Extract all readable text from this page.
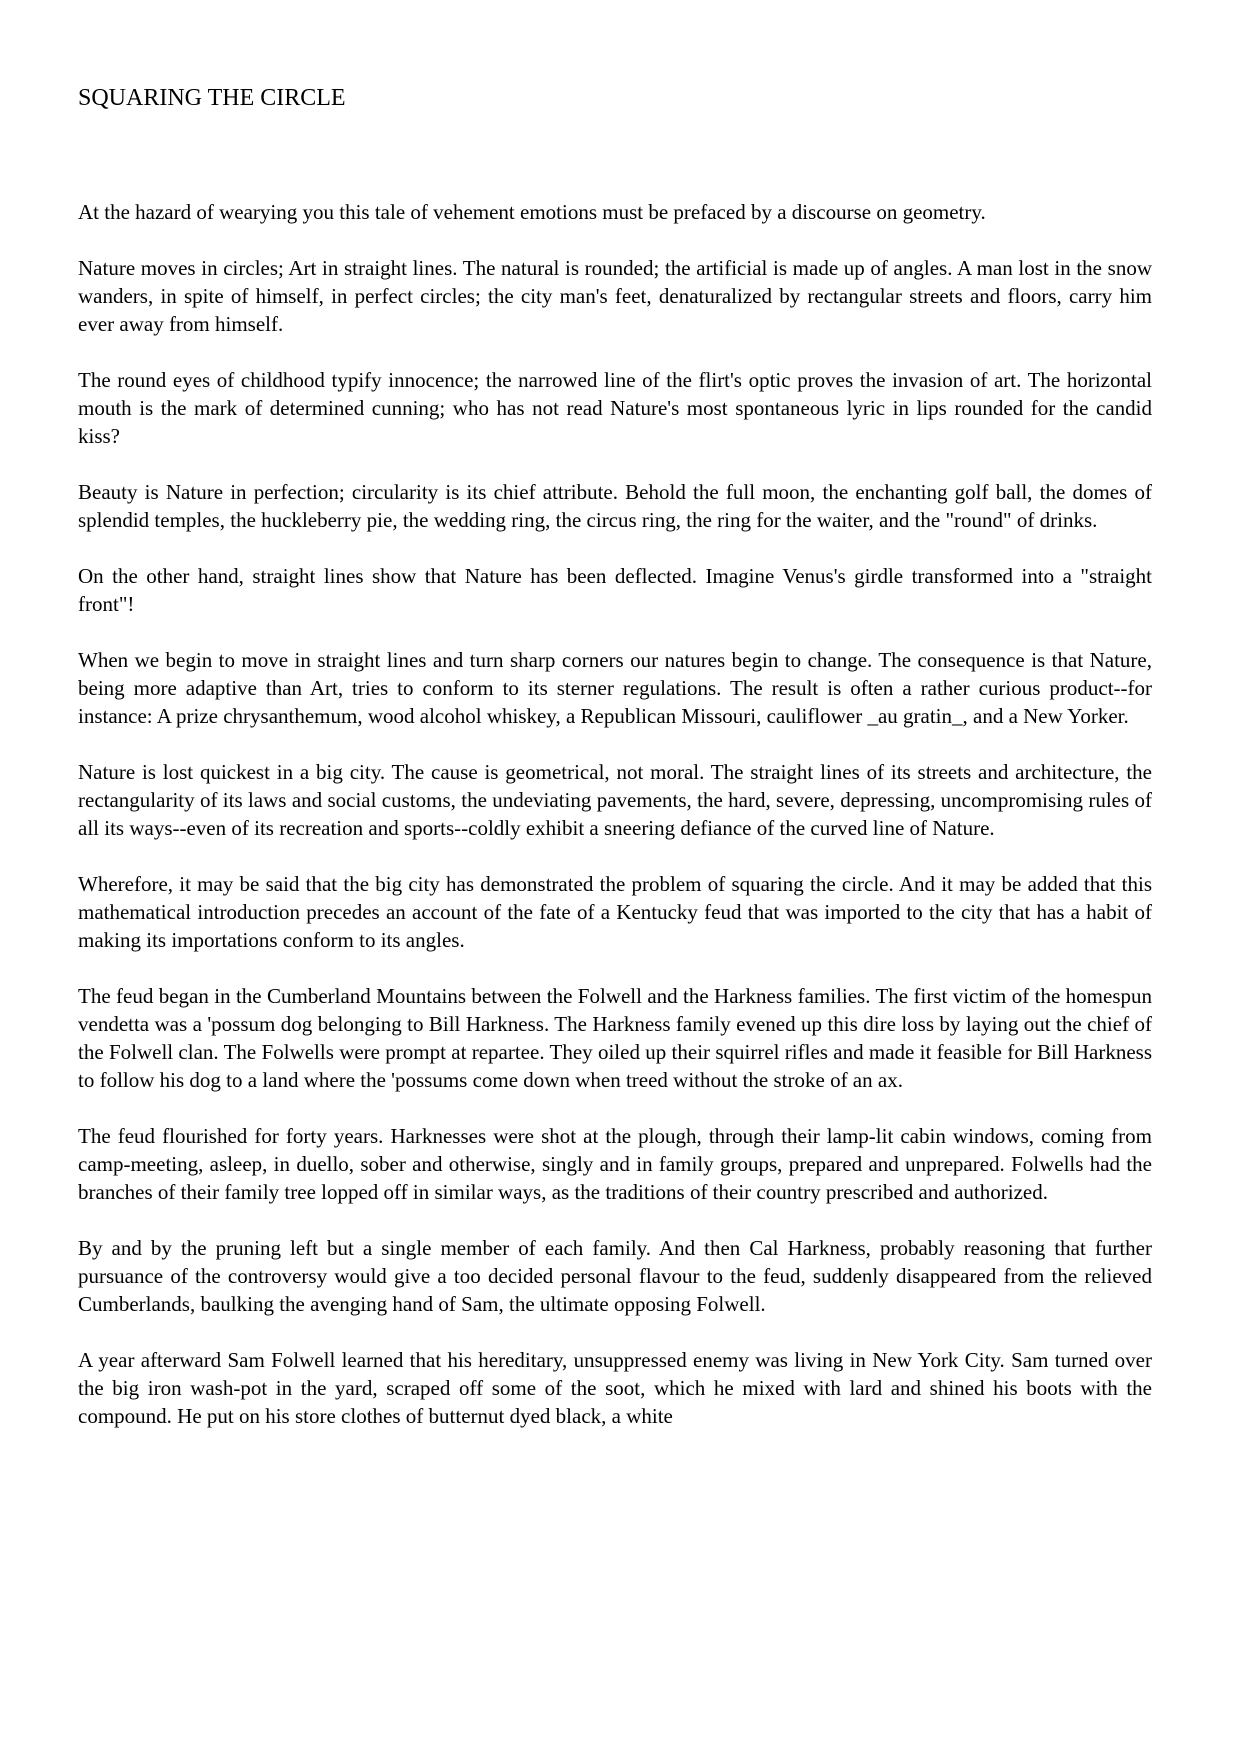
SQUARING THE CIRCLE

At the hazard of wearying you this tale of vehement emotions must be prefaced by a discourse on geometry.

Nature moves in circles; Art in straight lines. The natural is rounded; the artificial is made up of angles. A man lost in the snow wanders, in spite of himself, in perfect circles; the city man's feet, denaturalized by rectangular streets and floors, carry him ever away from himself.

The round eyes of childhood typify innocence; the narrowed line of the flirt's optic proves the invasion of art. The horizontal mouth is the mark of determined cunning; who has not read Nature's most spontaneous lyric in lips rounded for the candid kiss?

Beauty is Nature in perfection; circularity is its chief attribute. Behold the full moon, the enchanting golf ball, the domes of splendid temples, the huckleberry pie, the wedding ring, the circus ring, the ring for the waiter, and the "round" of drinks.

On the other hand, straight lines show that Nature has been deflected. Imagine Venus's girdle transformed into a "straight front"!

When we begin to move in straight lines and turn sharp corners our natures begin to change. The consequence is that Nature, being more adaptive than Art, tries to conform to its sterner regulations. The result is often a rather curious product--for instance: A prize chrysanthemum, wood alcohol whiskey, a Republican Missouri, cauliflower _au gratin_, and a New Yorker.

Nature is lost quickest in a big city. The cause is geometrical, not moral. The straight lines of its streets and architecture, the rectangularity of its laws and social customs, the undeviating pavements, the hard, severe, depressing, uncompromising rules of all its ways--even of its recreation and sports--coldly exhibit a sneering defiance of the curved line of Nature.

Wherefore, it may be said that the big city has demonstrated the problem of squaring the circle. And it may be added that this mathematical introduction precedes an account of the fate of a Kentucky feud that was imported to the city that has a habit of making its importations conform to its angles.

The feud began in the Cumberland Mountains between the Folwell and the Harkness families. The first victim of the homespun vendetta was a 'possum dog belonging to Bill Harkness. The Harkness family evened up this dire loss by laying out the chief of the Folwell clan. The Folwells were prompt at repartee. They oiled up their squirrel rifles and made it feasible for Bill Harkness to follow his dog to a land where the 'possums come down when treed without the stroke of an ax.

The feud flourished for forty years. Harknesses were shot at the plough, through their lamp-lit cabin windows, coming from camp-meeting, asleep, in duello, sober and otherwise, singly and in family groups, prepared and unprepared. Folwells had the branches of their family tree lopped off in similar ways, as the traditions of their country prescribed and authorized.

By and by the pruning left but a single member of each family. And then Cal Harkness, probably reasoning that further pursuance of the controversy would give a too decided personal flavour to the feud, suddenly disappeared from the relieved Cumberlands, baulking the avenging hand of Sam, the ultimate opposing Folwell.

A year afterward Sam Folwell learned that his hereditary, unsuppressed enemy was living in New York City. Sam turned over the big iron wash-pot in the yard, scraped off some of the soot, which he mixed with lard and shined his boots with the compound. He put on his store clothes of butternut dyed black, a white
